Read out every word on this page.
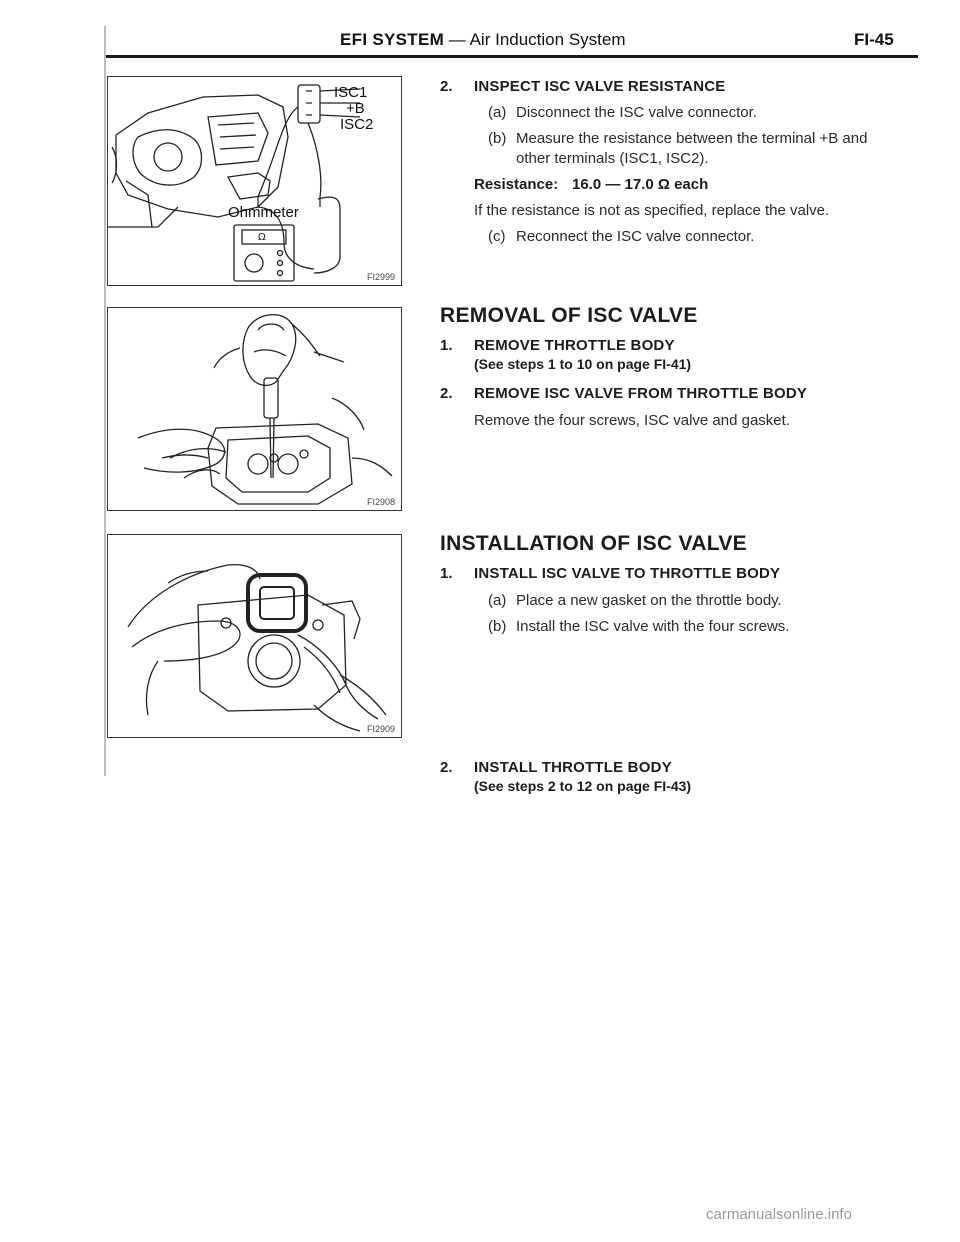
EFI SYSTEM — Air Induction System	FI-45
Ω
ISC1
+B
ISC2
Ohmmeter
FI2999
FI2908
FI2909
2. INSPECT ISC VALVE RESISTANCE
(a) Disconnect the ISC valve connector.
(b) Measure the resistance between the terminal +B and
other terminals (ISC1, ISC2).
Resistance: 16.0 — 17.0 Ω each
If the resistance is not as specified, replace the valve.
(c) Reconnect the ISC valve connector.
REMOVAL OF ISC VALVE
1. REMOVE THROTTLE BODY
(See steps 1 to 10 on page FI-41)
2. REMOVE ISC VALVE FROM THROTTLE BODY
Remove the four screws, ISC valve and gasket.
INSTALLATION OF ISC VALVE
1. INSTALL ISC VALVE TO THROTTLE BODY
(a) Place a new gasket on the throttle body.
(b) Install the ISC valve with the four screws.
2. INSTALL THROTTLE BODY
(See steps 2 to 12 on page FI-43)
carmanualsonline.info
